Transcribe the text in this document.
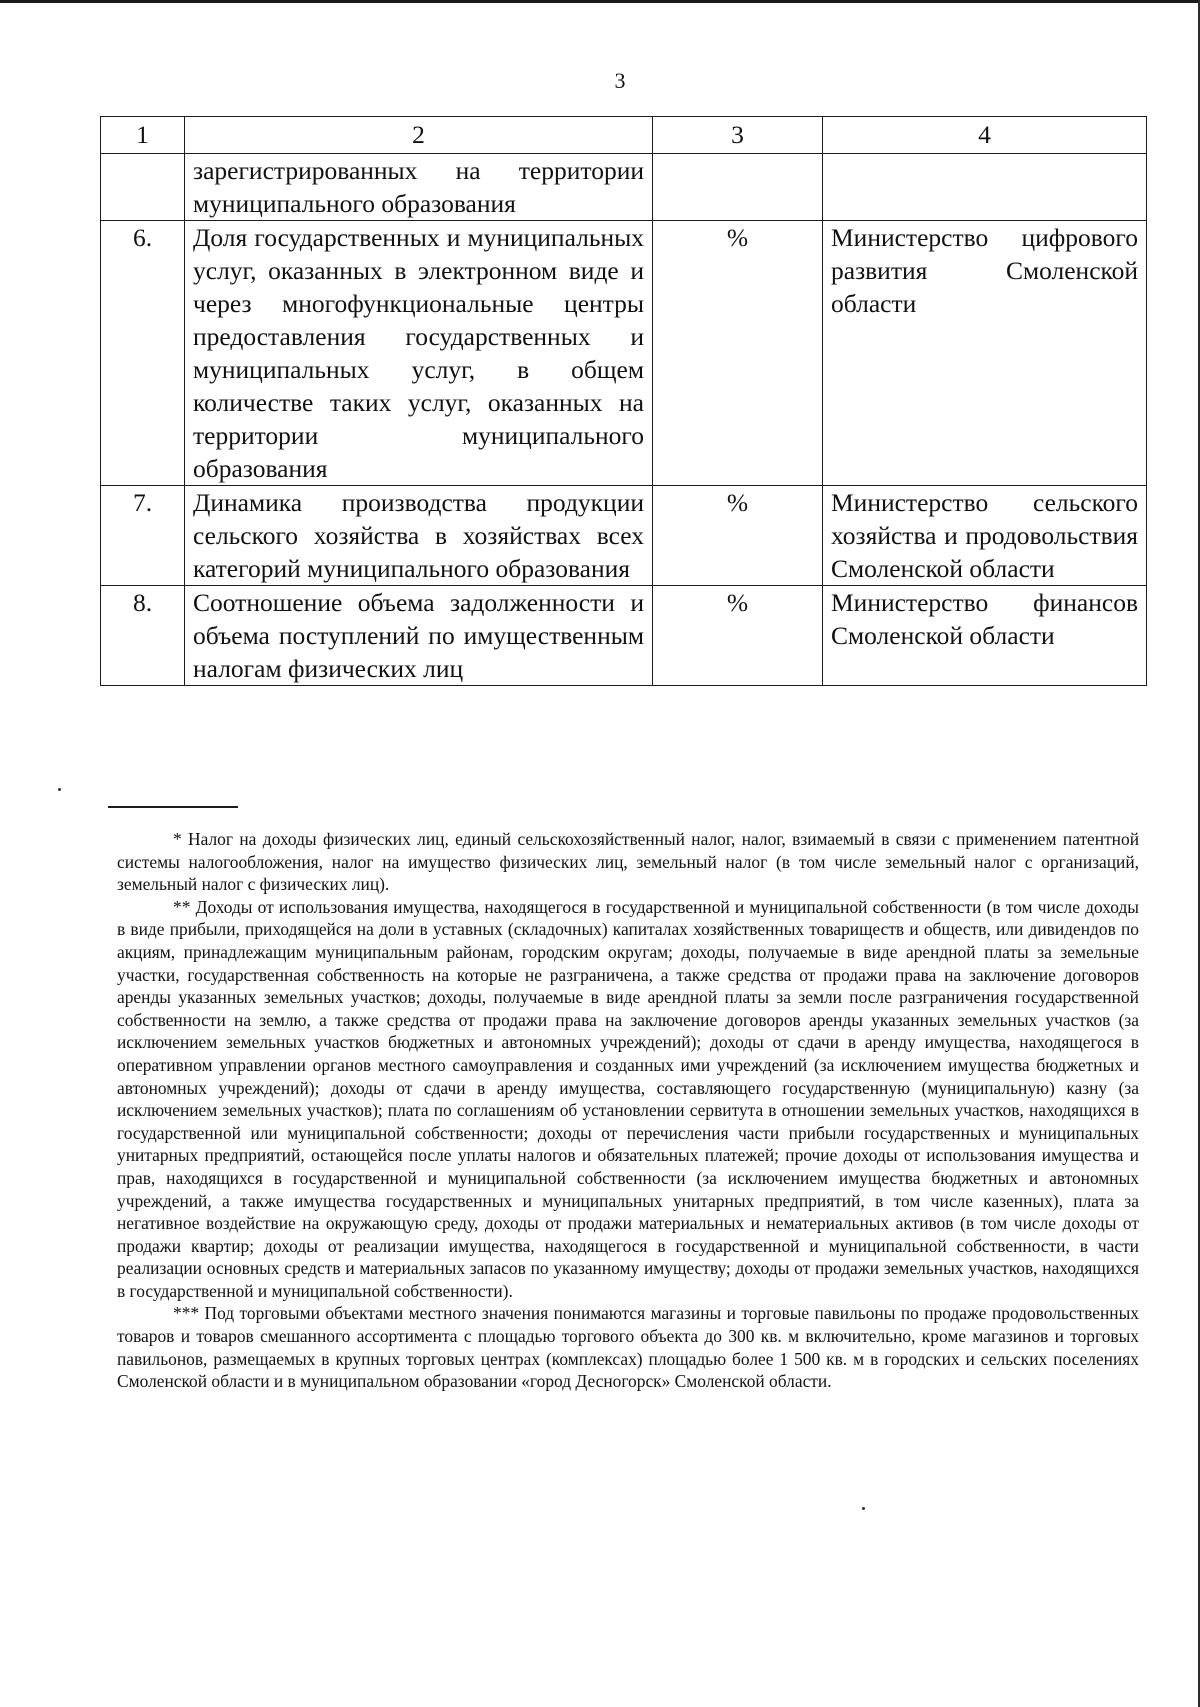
3
1	2	3	4
	зарегистрированных на территории муниципального образования		
6.	Доля государственных и муниципальных услуг, оказанных в электронном виде и через многофункциональные центры предоставления государственных и муниципальных услуг, в общем количестве таких услуг, оказанных на территории муниципального образования	%	Министерство цифрового развития Смоленской области
7.	Динамика производства продукции сельского хозяйства в хозяйствах всех категорий муниципального образования	%	Министерство сельского хозяйства и продовольствия Смоленской области
8.	Соотношение объема задолженности и объема поступлений по имущественным налогам физических лиц	%	Министерство финансов Смоленской области

* Налог на доходы физических лиц, единый сельскохозяйственный налог, налог, взимаемый в связи с применением патентной системы налогообложения, налог на имущество физических лиц, земельный налог (в том числе земельный налог с организаций, земельный налог с физических лиц).

** Доходы от использования имущества, находящегося в государственной и муниципальной собственности (в том числе доходы в виде прибыли, приходящейся на доли в уставных (складочных) капиталах хозяйственных товариществ и обществ, или дивидендов по акциям, принадлежащим муниципальным районам, городским округам; доходы, получаемые в виде арендной платы за земельные участки, государственная собственность на которые не разграничена, а также средства от продажи права на заключение договоров аренды указанных земельных участков; доходы, получаемые в виде арендной платы за земли после разграничения государственной собственности на землю, а также средства от продажи права на заключение договоров аренды указанных земельных участков (за исключением земельных участков бюджетных и автономных учреждений); доходы от сдачи в аренду имущества, находящегося в оперативном управлении органов местного самоуправления и созданных ими учреждений (за исключением имущества бюджетных и автономных учреждений); доходы от сдачи в аренду имущества, составляющего государственную (муниципальную) казну (за исключением земельных участков); плата по соглашениям об установлении сервитута в отношении земельных участков, находящихся в государственной или муниципальной собственности; доходы от перечисления части прибыли государственных и муниципальных унитарных предприятий, остающейся после уплаты налогов и обязательных платежей; прочие доходы от использования имущества и прав, находящихся в государственной и муниципальной собственности (за исключением имущества бюджетных и автономных учреждений, а также имущества государственных и муниципальных унитарных предприятий, в том числе казенных), плата за негативное воздействие на окружающую среду, доходы от продажи материальных и нематериальных активов (в том числе доходы от продажи квартир; доходы от реализации имущества, находящегося в государственной и муниципальной собственности, в части реализации основных средств и материальных запасов по указанному имуществу; доходы от продажи земельных участков, находящихся в государственной и муниципальной собственности).

*** Под торговыми объектами местного значения понимаются магазины и торговые павильоны по продаже продовольственных товаров и товаров смешанного ассортимента с площадью торгового объекта до 300 кв. м включительно, кроме магазинов и торговых павильонов, размещаемых в крупных торговых центрах (комплексах) площадью более 1 500 кв. м в городских и сельских поселениях Смоленской области и в муниципальном образовании «город Десногорск» Смоленской области.
